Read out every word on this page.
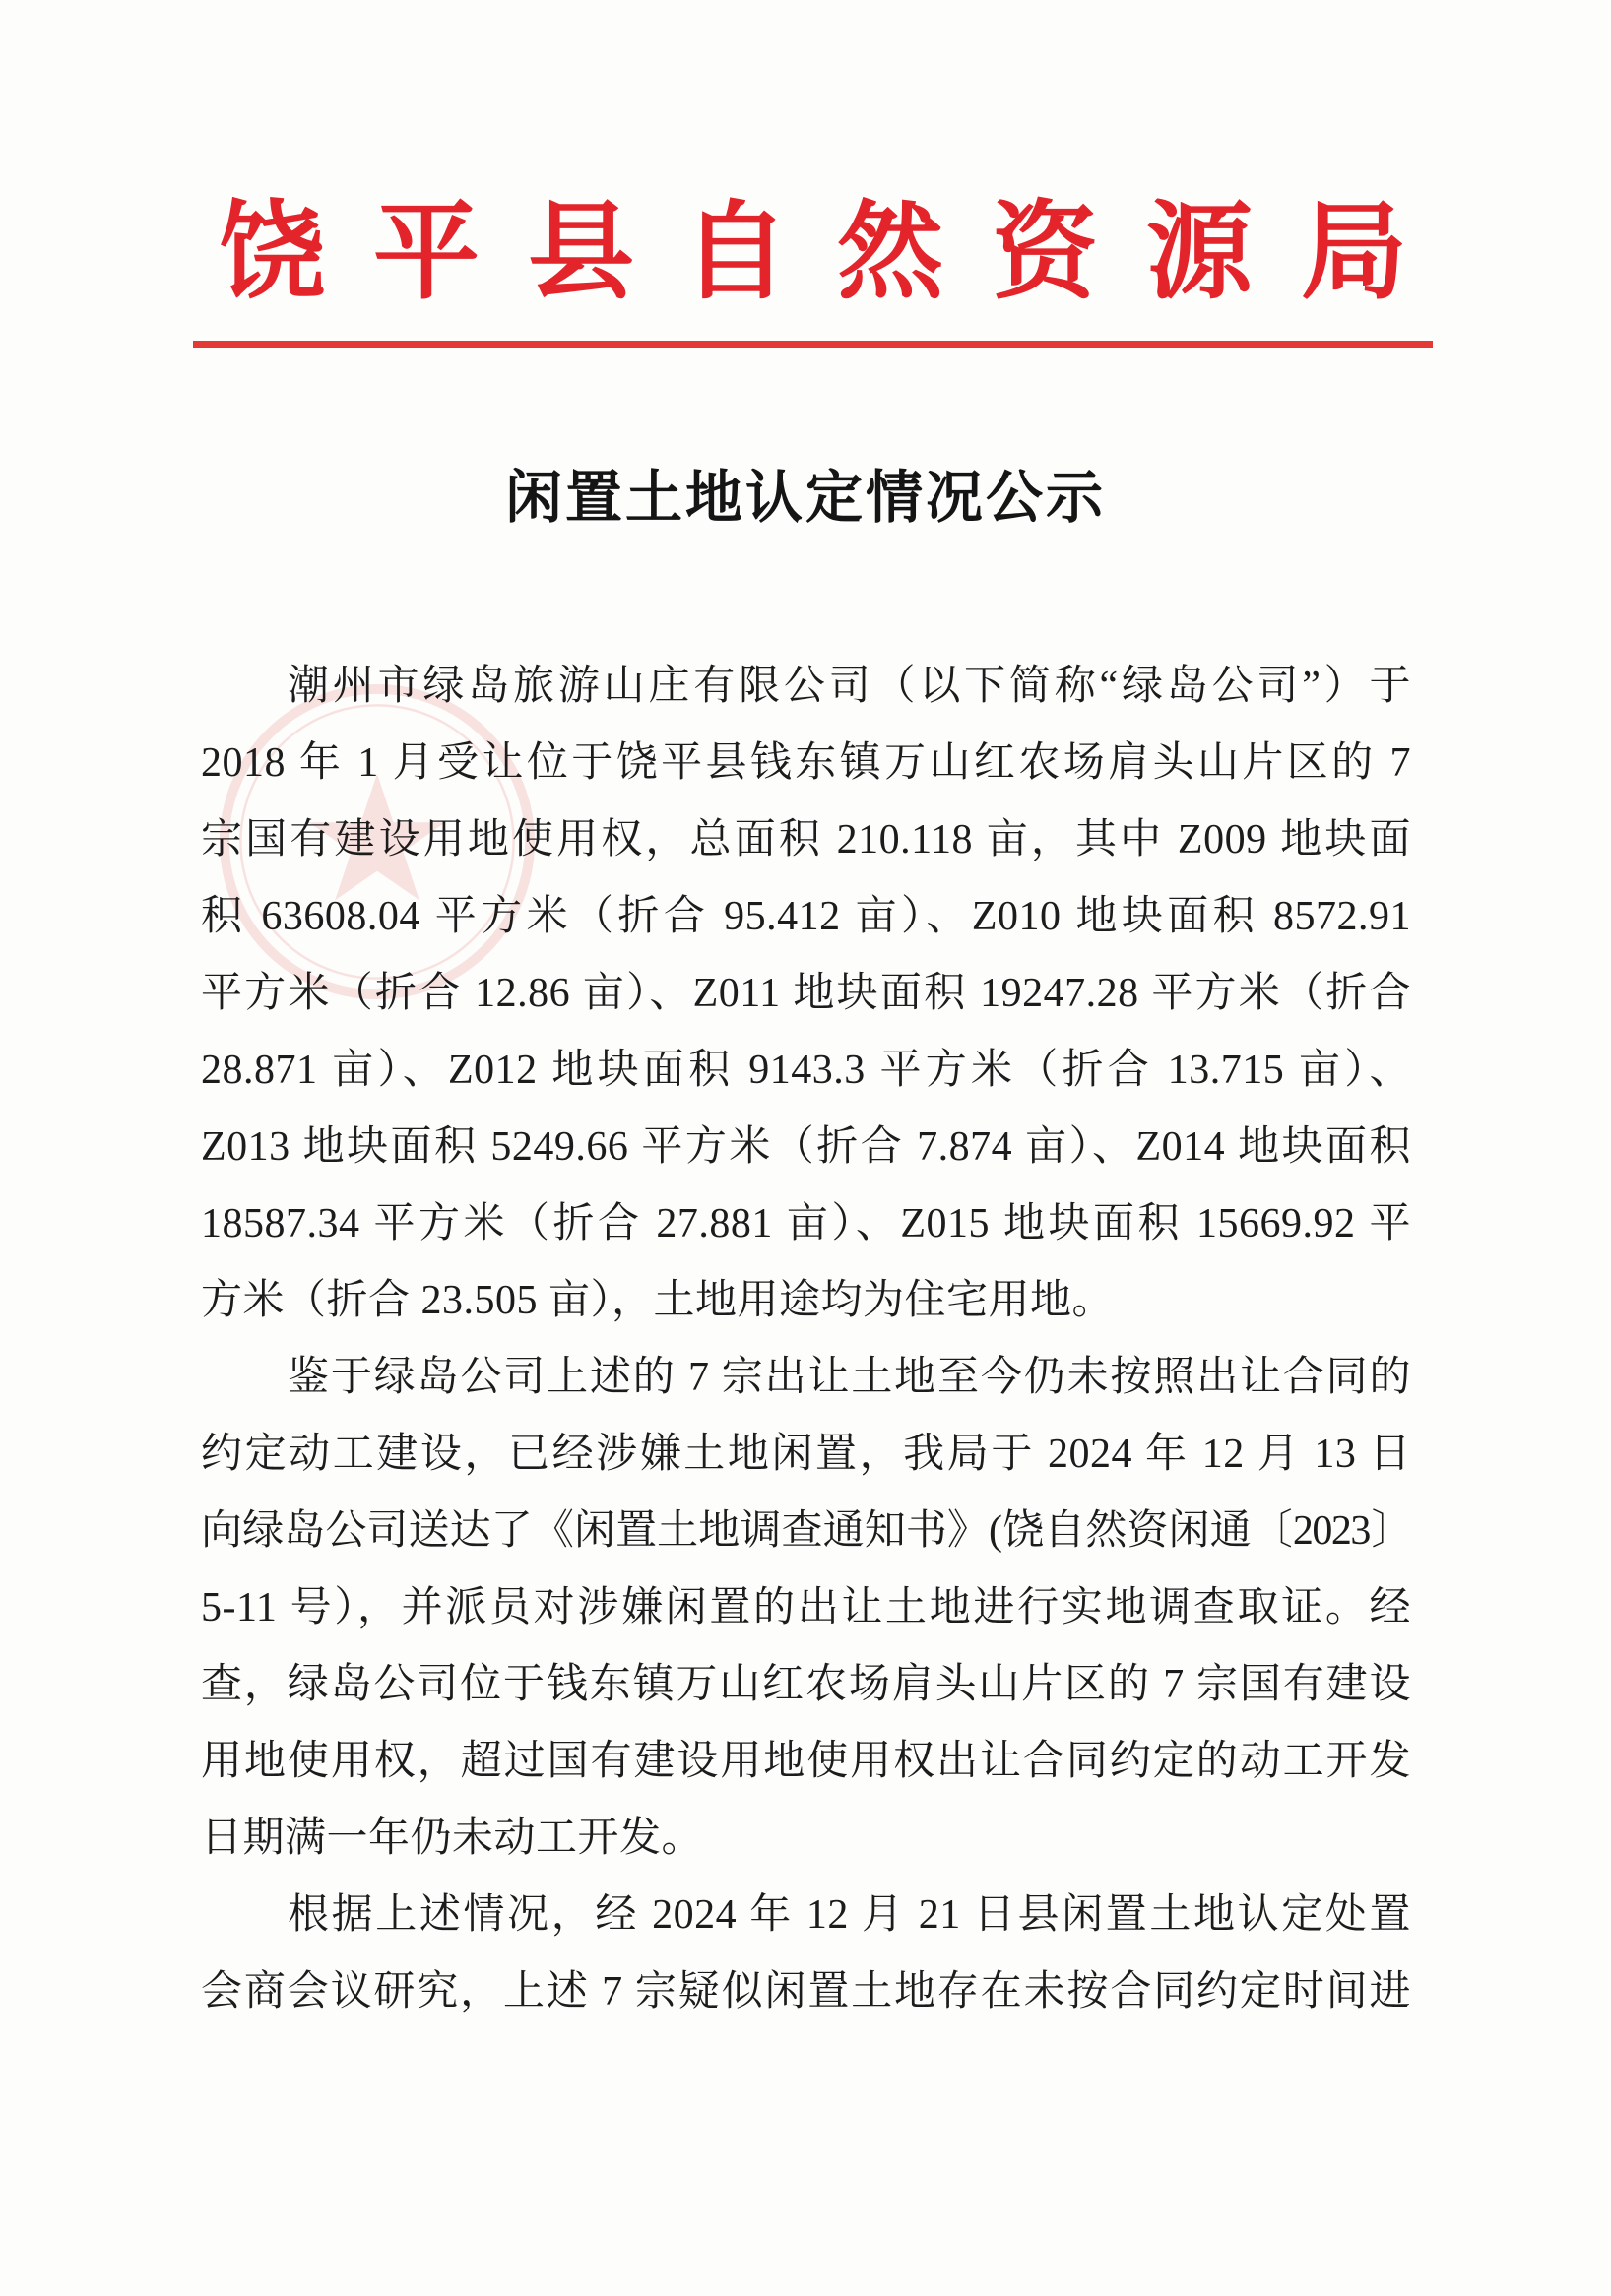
饶平县自然资源局
闲置土地认定情况公示
潮州市绿岛旅游山庄有限公司（以下简称“绿岛公司”）于
2018 年 1 月受让位于饶平县钱东镇万山红农场肩头山片区的 7
宗国有建设用地使用权，总面积 210.118 亩，其中 Z009 地块面
积 63608.04 平方米（折合 95.412 亩）、Z010 地块面积 8572.91
平方米（折合 12.86 亩）、Z011 地块面积 19247.28 平方米（折合
28.871 亩）、Z012 地块面积 9143.3 平方米（折合 13.715 亩）、
Z013 地块面积 5249.66 平方米（折合 7.874 亩）、Z014 地块面积
18587.34 平方米（折合 27.881 亩）、Z015 地块面积 15669.92 平
方米（折合 23.505 亩），土地用途均为住宅用地。
鉴于绿岛公司上述的 7 宗出让土地至今仍未按照出让合同的
约定动工建设，已经涉嫌土地闲置，我局于 2024 年 12 月 13 日
向绿岛公司送达了《闲置土地调查通知书》(饶自然资闲通〔2023〕
5-11 号），并派员对涉嫌闲置的出让土地进行实地调查取证。经
查，绿岛公司位于钱东镇万山红农场肩头山片区的 7 宗国有建设
用地使用权，超过国有建设用地使用权出让合同约定的动工开发
日期满一年仍未动工开发。
根据上述情况，经 2024 年 12 月 21 日县闲置土地认定处置
会商会议研究，上述 7 宗疑似闲置土地存在未按合同约定时间进
